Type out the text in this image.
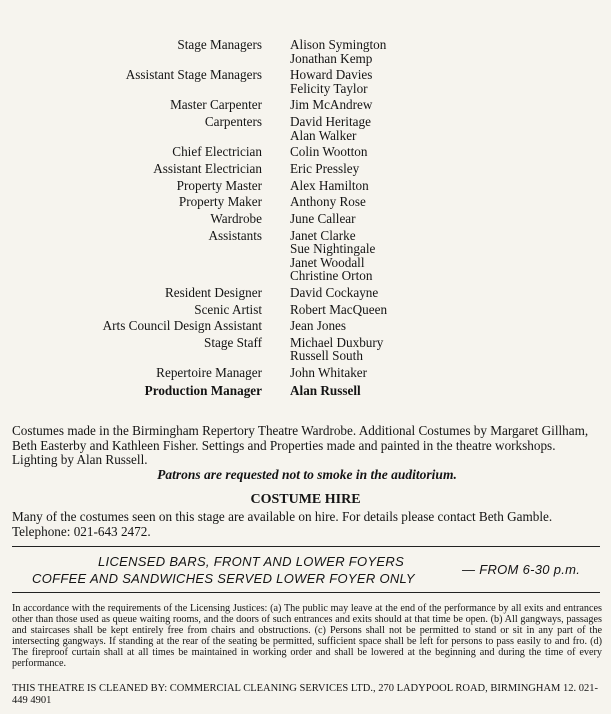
Stage Managers	Alison Symington
Jonathan Kemp
Assistant Stage Managers	Howard Davies
Felicity Taylor
Master Carpenter	Jim McAndrew
Carpenters	David Heritage
Alan Walker
Chief Electrician	Colin Wootton
Assistant Electrician	Eric Pressley
Property Master	Alex Hamilton
Property Maker	Anthony Rose
Wardrobe	June Callear
Assistants	Janet Clarke
Sue Nightingale
Janet Woodall
Christine Orton
Resident Designer	David Cockayne
Scenic Artist	Robert MacQueen
Arts Council Design Assistant	Jean Jones
Stage Staff	Michael Duxbury
Russell South
Repertoire Manager	John Whitaker
Production Manager	Alan Russell
Costumes made in the Birmingham Repertory Theatre Wardrobe. Additional Costumes by Margaret Gillham, Beth Easterby and Kathleen Fisher. Settings and Properties made and painted in the theatre workshops. Lighting by Alan Russell.
Patrons are requested not to smoke in the auditorium.
COSTUME HIRE
Many of the costumes seen on this stage are available on hire. For details please contact Beth Gamble. Telephone: 021-643 2472.
LICENSED BARS, FRONT AND LOWER FOYERS
COFFEE AND SANDWICHES SERVED LOWER FOYER ONLY
— FROM 6-30 p.m.
In accordance with the requirements of the Licensing Justices: (a) The public may leave at the end of the performance by all exits and entrances other than those used as queue waiting rooms, and the doors of such entrances and exits should at that time be open. (b) All gangways, passages and staircases shall be kept entirely free from chairs and obstructions. (c) Persons shall not be permitted to stand or sit in any part of the intersecting gangways. If standing at the rear of the seating be permitted, sufficient space shall be left for persons to pass easily to and fro. (d) The fireproof curtain shall at all times be maintained in working order and shall be lowered at the beginning and during the time of every performance.
THIS THEATRE IS CLEANED BY: COMMERCIAL CLEANING SERVICES LTD., 270 LADYPOOL ROAD, BIRMINGHAM 12. 021-449 4901
